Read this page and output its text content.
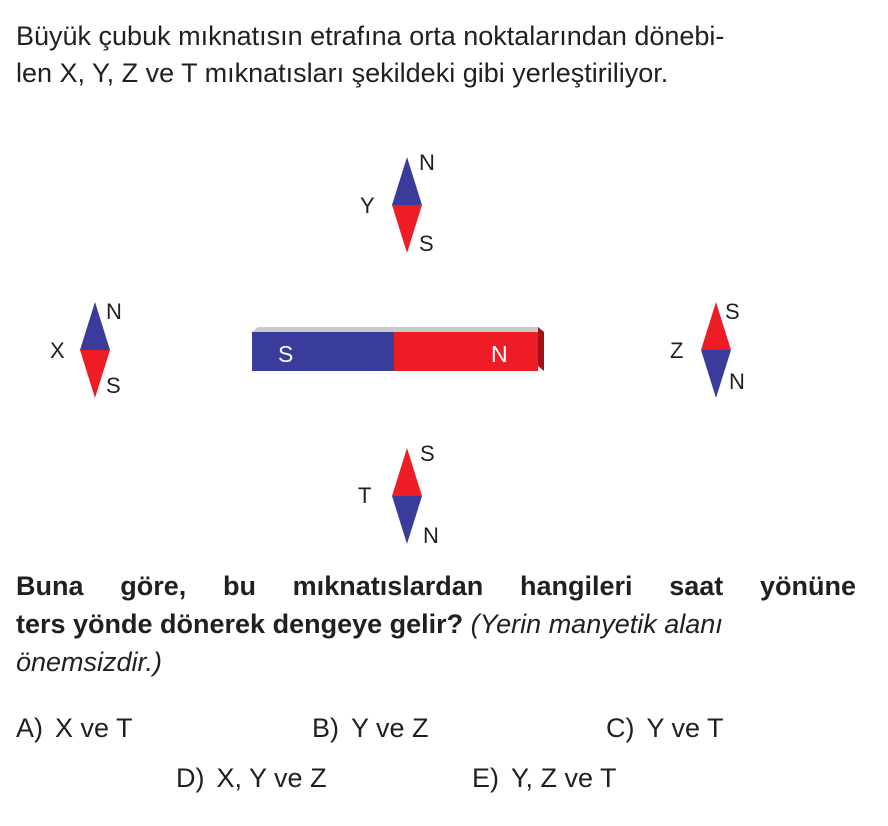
Büyük çubuk mıknatısın etrafına orta noktalarından dönebi-
len X, Y, Z ve T mıknatısları şekildeki gibi yerleştiriliyor.

S	N
N
S
Y
N
S
X
S
N
Z
S
N
T

Buna göre, bu mıknatıslardan hangileri saat yönüne
ters yönde dönerek dengeye gelir? (Yerin manyetik alanı
önemsizdir.)

A) X ve T	B) Y ve Z	C) Y ve T
D) X, Y ve Z	E) Y, Z ve T
